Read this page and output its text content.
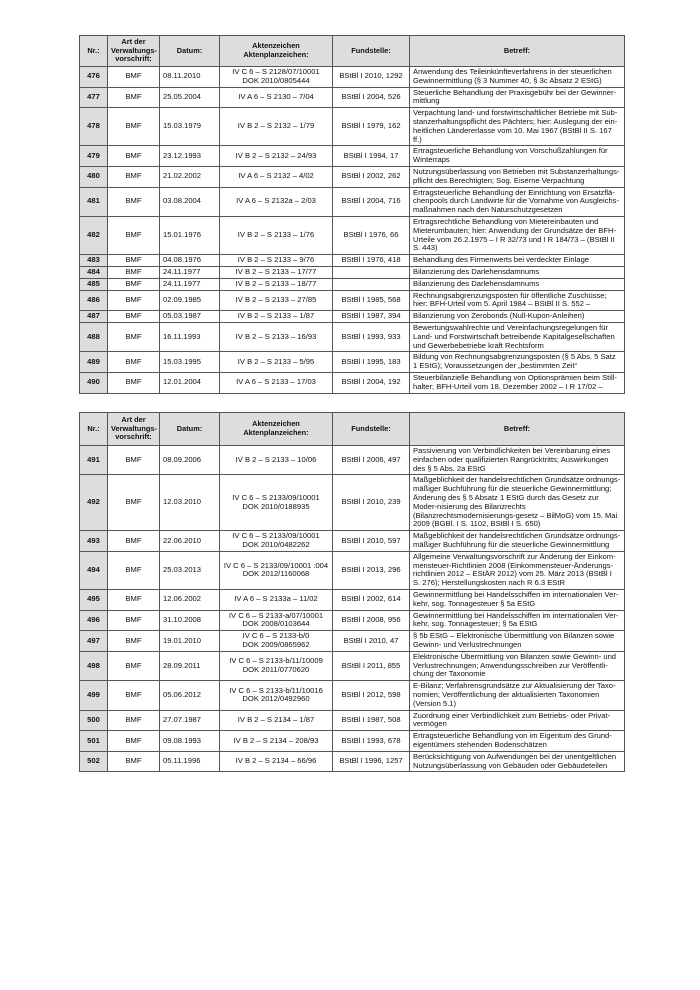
Nr.:	Art der
Verwaltungs-
vorschrift:	Datum:	Aktenzeichen
Aktenplanzeichen:	Fundstelle:	Betreff:
476	BMF	08.11.2010	IV C 6 – S 2128/07/10001
DOK 2010/0805444	BStBl I 2010, 1292	Anwendung des Teileinkünfteverfahrens in der steuerlichen Gewinnermittlung (§ 3 Nummer 40, § 3c Absatz 2 EStG)
477	BMF	25.05.2004	IV A 6 – S 2130 – 7/04	BStBl I 2004, 526	Steuerliche Behandlung der Praxisgebühr bei der Gewinner-mittlung
478	BMF	15.03.1979	IV B 2 – S 2132 – 1/79	BStBl I 1979, 162	Verpachtung land- und forstwirtschaftlicher Betriebe mit Sub-stanzerhaltungspflicht des Pächters; hier: Auslegung der ein-heitlichen Ländererlasse vom 10. Mai 1967 (BStBl II S. 167 ff.)
479	BMF	23.12.1993	IV B 2 – S 2132 – 24/93	BStBl I 1994, 17	Ertragsteuerliche Behandlung von Vorschußzahlungen für Winterraps
480	BMF	21.02.2002	IV A 6 – S 2132 – 4/02	BStBl I 2002, 262	Nutzungsüberlassung von Betrieben mit Substanzerhaltungs-pflicht des Berechtigten; Sog. Eiserne Verpachtung
481	BMF	03.08.2004	IV A 6 – S 2132a – 2/03	BStBl I 2004, 716	Ertragsteuerliche Behandlung der Einrichtung von Ersatzflä-chenpools durch Landwirte für die Vornahme von Ausgleichs-maßnahmen nach den Naturschutzgesetzen
482	BMF	15.01.1976	IV B 2 – S 2133 – 1/76	BStBl I 1976, 66	Ertragsrechtliche Behandlung von Mietereinbauten und Mieterumbauten; hier: Anwendung der Grundsätze der BFH-Urteile vom 26.2.1975 – I R 32/73 und I R 184/73 – (BStBl II S. 443)
483	BMF	04.08.1976	IV B 2 – S 2133 – 9/76	BStBl I 1976, 418	Behandlung des Firmenwerts bei verdeckter Einlage
484	BMF	24.11.1977	IV B 2 – S 2133 – 17/77		Bilanzierung des Darlehensdamnums
485	BMF	24.11.1977	IV B 2 – S 2133 – 18/77		Bilanzierung des Darlehensdamnums
486	BMF	02.09.1985	IV B 2 – S 2133 – 27/85	BStBl I 1985, 568	Rechnungsabgrenzungsposten für öffentliche Zuschüsse; hier: BFH-Urteil vom 5. April 1984 – BStBl II S. 552 –
487	BMF	05.03.1987	IV B 2 – S 2133 – 1/87	BStBl I 1987, 394	Bilanzierung von Zerobonds (Null-Kupon-Anleihen)
488	BMF	16.11.1993	IV B 2 – S 2133 – 16/93	BStBl I 1993, 933	Bewertungswahlrechte und Vereinfachungsregelungen für Land- und Forstwirtschaft betreibende Kapitalgesellschaften und Gewerbebetriebe kraft Rechtsform
489	BMF	15.03.1995	IV B 2 – S 2133 – 5/95	BStBl I 1995, 183	Bildung von Rechnungsabgrenzungsposten (§ 5 Abs. 5 Satz 1 EStG); Voraussetzungen der „bestimmten Zeit“
490	BMF	12.01.2004	IV A 6 – S 2133 – 17/03	BStBl I 2004, 192	Steuerbilanzielle Behandlung von Optionsprämien beim Still-halter; BFH-Urteil vom 18. Dezember 2002 – I R 17/02 –
Nr.:	Art der
Verwaltungs-
vorschrift:	Datum:	Aktenzeichen
Aktenplanzeichen:	Fundstelle:	Betreff:
491	BMF	08.09.2006	IV B 2 – S 2133 – 10/06	BStBl I 2006, 497	Passivierung von Verbindlichkeiten bei Vereinbarung eines einfachen oder qualifizierten Rangrücktritts; Auswirkungen des § 5 Abs. 2a EStG
492	BMF	12.03.2010	IV C 6 – S 2133/09/10001
DOK 2010/0188935	BStBl I 2010, 239	Maßgeblichkeit der handelsrechtlichen Grundsätze ordnungs-mäßiger Buchführung für die steuerliche Gewinnermittlung; Änderung des § 5 Absatz 1 EStG durch das Gesetz zur Moder-nisierung des Bilanzrechts (Bilanzrechtsmodernisierungs-gesetz – BilMoG) vom 15. Mai 2009 (BGBl. I S. 1102, BStBl I S. 650)
493	BMF	22.06.2010	IV C 6 – S 2133/09/10001
DOK 2010/0482262	BStBl I 2010, 597	Maßgeblichkeit der handelsrechtlichen Grundsätze ordnungs-mäßiger Buchführung für die steuerliche Gewinnermittlung
494	BMF	25.03.2013	IV C 6 – S 2133/09/10001 :004
DOK 2012/1160068	BStBl I 2013, 296	Allgemeine Verwaltungsvorschrift zur Änderung der Einkom-mensteuer-Richtlinien 2008 (Einkommensteuer-Änderungs-richtlinien 2012 – EStÄR 2012) vom 25. März 2013 (BStBl I S. 276); Herstellungskosten nach R 6.3 EStR
495	BMF	12.06.2002	IV A 6 – S 2133a – 11/02	BStBl I 2002, 614	Gewinnermittlung bei Handelsschiffen im internationalen Ver-kehr, sog. Tonnagesteuer § 5a EStG
496	BMF	31.10.2008	IV C 6 – S 2133-a/07/10001
DOK 2008/0103644	BStBl I 2008, 956	Gewinnermittlung bei Handelsschiffen im internationalen Ver-kehr, sog. Tonnagesteuer; § 5a EStG
497	BMF	19.01.2010	IV C 6 – S 2133-b/0
DOK 2009/0865962	BStBl I 2010, 47	§ 5b EStG – Elektronische Übermittlung von Bilanzen sowie Gewinn- und Verlustrechnungen
498	BMF	28.09.2011	IV C 6 – S 2133-b/11/10009
DOK 2011/0770620	BStBl I 2011, 855	Elektronische Übermittlung von Bilanzen sowie Gewinn- und Verlustrechnungen; Anwendungsschreiben zur Veröffentli-chung der Taxonomie
499	BMF	05.06.2012	IV C 6 – S 2133-b/11/10016
DOK 2012/0492960	BStBl I 2012, 598	E-Bilanz; Verfahrensgrundsätze zur Aktualisierung der Taxo-nomien; Veröffentlichung der aktualisierten Taxonomien (Version 5.1)
500	BMF	27.07.1987	IV B 2 – S 2134 – 1/87	BStBl I 1987, 508	Zuordnung einer Verbindlichkeit zum Betriebs- oder Privat-vermögen
501	BMF	09.08.1993	IV B 2 – S 2134 – 208/93	BStBl I 1993, 678	Ertragsteuerliche Behandlung von im Eigentum des Grund-eigentümers stehenden Bodenschätzen
502	BMF	05.11.1996	IV B 2 – S 2134 – 66/96	BStBl I 1996, 1257	Berücksichtigung von Aufwendungen bei der unentgeltlichen Nutzungsüberlassung von Gebäuden oder Gebäudeteilen
